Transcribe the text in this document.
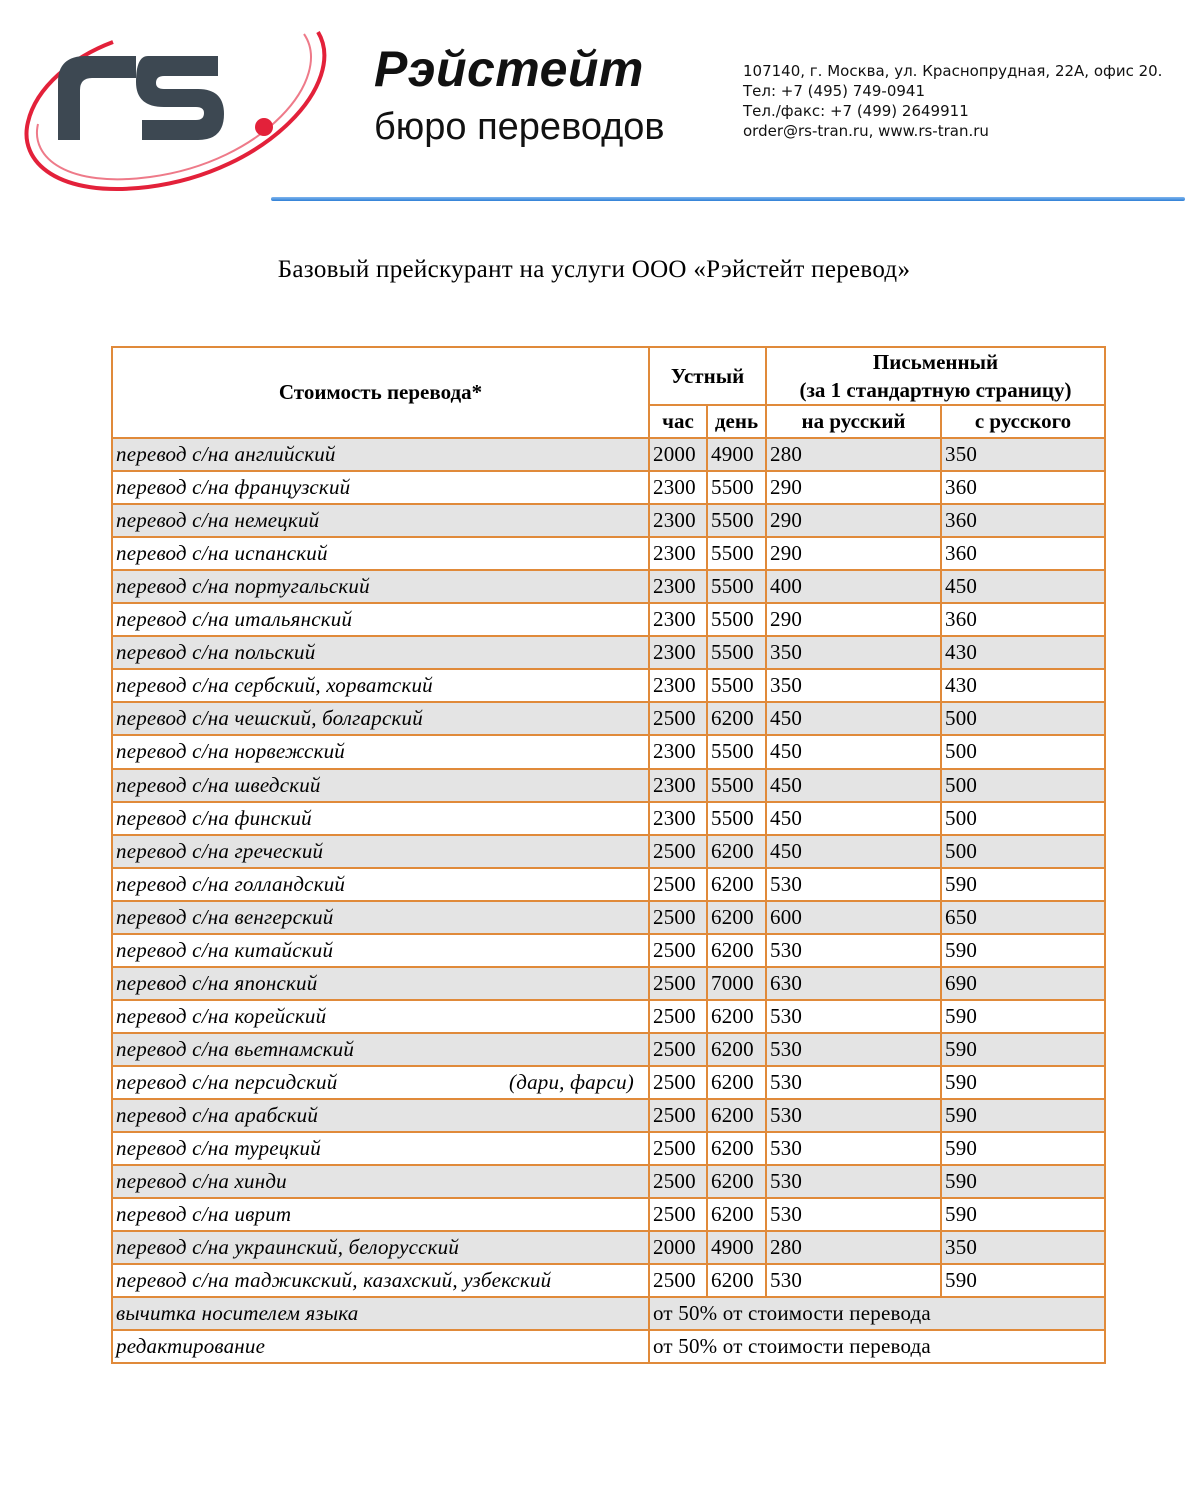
Рэйстейт
бюро переводов
107140, г. Москва, ул. Краснопрудная, 22А, офис 20.
Тел: +7 (495) 749-0941
Тел./факс: +7 (499) 2649911
order@rs-tran.ru, www.rs-tran.ru
Базовый прейскурант на услуги ООО «Рэйстейт перевод»
Стоимость перевода*	Устный		Письменный
(за 1 стандартную страницу)	

	час	день	на русский	с русского

перевод с/на английский	2000	4900	280	350

перевод с/на французский	2300	5500	290	360

перевод с/на немецкий	2300	5500	290	360

перевод с/на испанский	2300	5500	290	360

перевод с/на португальский	2300	5500	400	450

перевод с/на итальянский	2300	5500	290	360

перевод с/на польский	2300	5500	350	430

перевод с/на сербский, хорватский	2300	5500	350	430

перевод с/на чешский, болгарский	2500	6200	450	500

перевод с/на норвежский	2300	5500	450	500

перевод с/на шведский	2300	5500	450	500

перевод с/на финский	2300	5500	450	500

перевод с/на греческий	2500	6200	450	500

перевод с/на голландский	2500	6200	530	590

перевод с/на венгерский	2500	6200	600	650

перевод с/на китайский	2500	6200	530	590

перевод с/на японский	2500	7000	630	690

перевод с/на корейский	2500	6200	530	590

перевод с/на вьетнамский	2500	6200	530	590

перевод с/на персидский (дари, фарси)	2500	6200	530	590

перевод с/на арабский	2500	6200	530	590

перевод с/на турецкий	2500	6200	530	590

перевод с/на хинди	2500	6200	530	590

перевод с/на иврит	2500	6200	530	590

перевод с/на украинский, белорусский	2000	4900	280	350

перевод с/на таджикский, казахский, узбекский	2500	6200	530	590
вычитка носителем языка	от 50% от стоимости перевода			
редактирование	от 50% от стоимости перевода			
